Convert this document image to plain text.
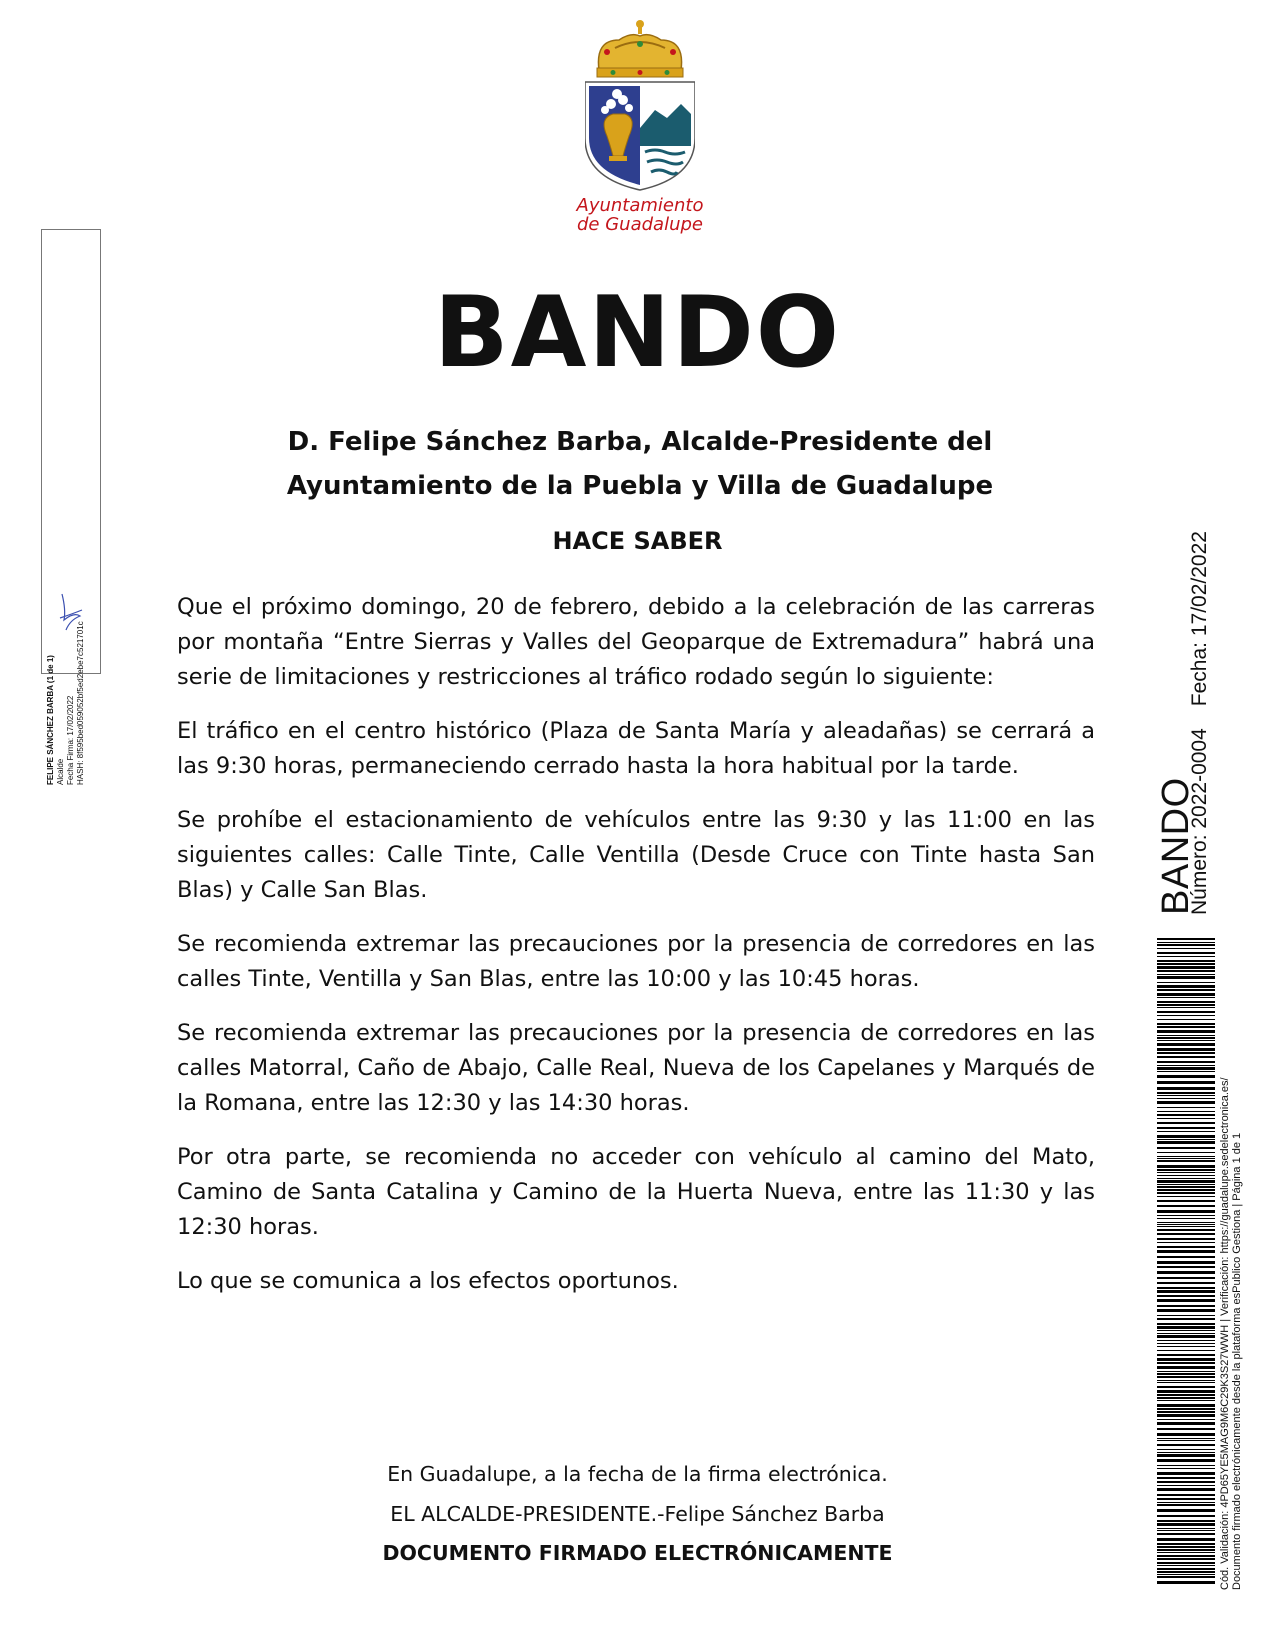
Ayuntamiento
de Guadalupe
BANDO
D. Felipe Sánchez Barba, Alcalde-Presidente del
Ayuntamiento de la Puebla y Villa de Guadalupe
HACE SABER

Que el próximo domingo, 20 de febrero, debido a la celebración de las carreras por montaña “Entre Sierras y Valles del Geoparque de Extremadura” habrá una serie de limitaciones y restricciones al tráfico rodado según lo siguiente:

El tráfico en el centro histórico (Plaza de Santa María y aleadañas) se cerrará a las 9:30 horas, permaneciendo cerrado hasta la hora habitual por la tarde.

Se prohíbe el estacionamiento de vehículos entre las 9:30 y las 11:00 en las siguientes calles: Calle Tinte, Calle Ventilla (Desde Cruce con Tinte hasta San Blas) y Calle San Blas.

Se recomienda extremar las precauciones por la presencia de corredores en las calles Tinte, Ventilla y San Blas, entre las 10:00 y las 10:45 horas.

Se recomienda extremar las precauciones por la presencia de corredores en las calles Matorral, Caño de Abajo, Calle Real, Nueva de los Capelanes y Marqués de la Romana, entre las 12:30 y las 14:30 horas.

Por otra parte, se recomienda no acceder con vehículo al camino del Mato, Camino de Santa Catalina y Camino de la Huerta Nueva, entre las 11:30 y las 12:30 horas.

Lo que se comunica a los efectos oportunos.

En Guadalupe, a la fecha de la firma electrónica.
EL ALCALDE-PRESIDENTE.-Felipe Sánchez Barba
DOCUMENTO FIRMADO ELECTRÓNICAMENTE
FELIPE SÁNCHEZ BARBA (1 de 1) Alcalde Fecha Firma: 17/02/2022 HASH: 8f595bed059052bf5ed2ebe7c521701c
BANDO
Número: 2022-0004Fecha: 17/02/2022
Cód. Validación: 4PD65YE5MAG9M6C29K3S27WWH | Verificación: https://guadalupe.sedelectronica.es/ Documento firmado electrónicamente desde la plataforma esPublico Gestiona | Página 1 de 1
